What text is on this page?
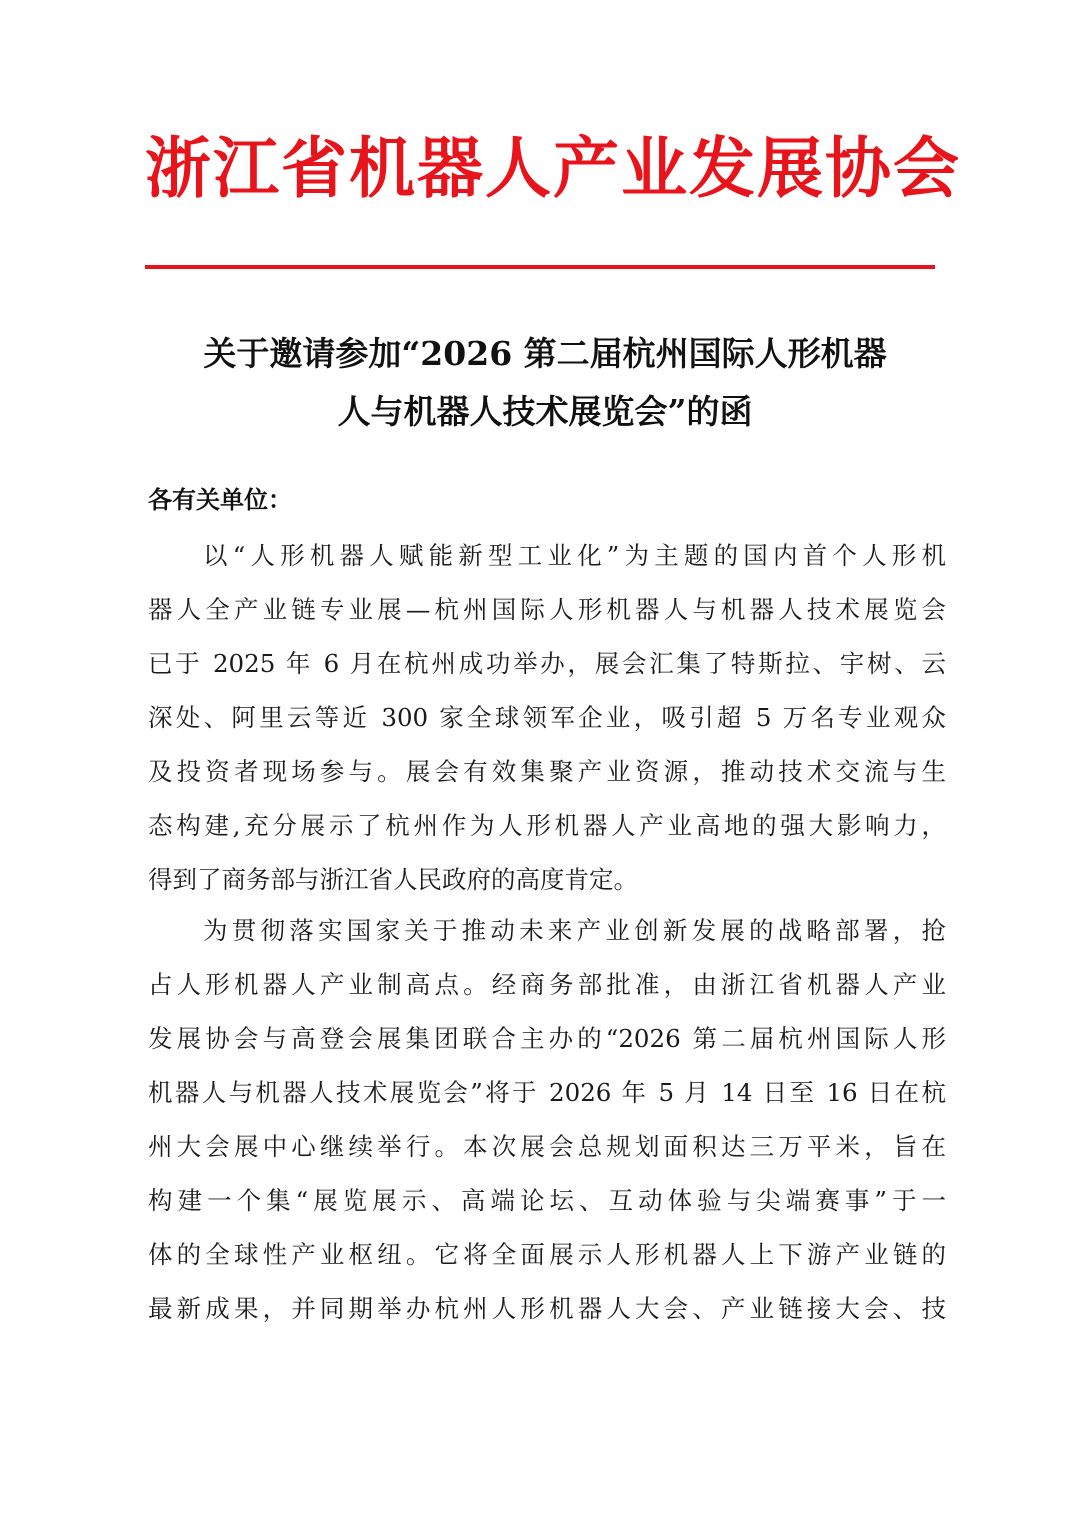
浙江省机器人产业发展协会
关于邀请参加“2026 第二届杭州国际人形机器
人与机器人技术展览会”的函
各有关单位：
以“人形机器人赋能新型工业化”为主题的国内首个人形机
器人全产业链专业展—杭州国际人形机器人与机器人技术展览会
已于 2025 年 6 月在杭州成功举办，展会汇集了特斯拉、宇树、云
深处、阿里云等近 300 家全球领军企业，吸引超 5 万名专业观众
及投资者现场参与。展会有效集聚产业资源，推动技术交流与生
态构建,充分展示了杭州作为人形机器人产业高地的强大影响力，
得到了商务部与浙江省人民政府的高度肯定。
为贯彻落实国家关于推动未来产业创新发展的战略部署，抢
占人形机器人产业制高点。经商务部批准，由浙江省机器人产业
发展协会与高登会展集团联合主办的“2026 第二届杭州国际人形
机器人与机器人技术展览会”将于 2026 年 5 月 14 日至 16 日在杭
州大会展中心继续举行。本次展会总规划面积达三万平米，旨在
构建一个集“展览展示、高端论坛、互动体验与尖端赛事”于一
体的全球性产业枢纽。它将全面展示人形机器人上下游产业链的
最新成果，并同期举办杭州人形机器人大会、产业链接大会、技
